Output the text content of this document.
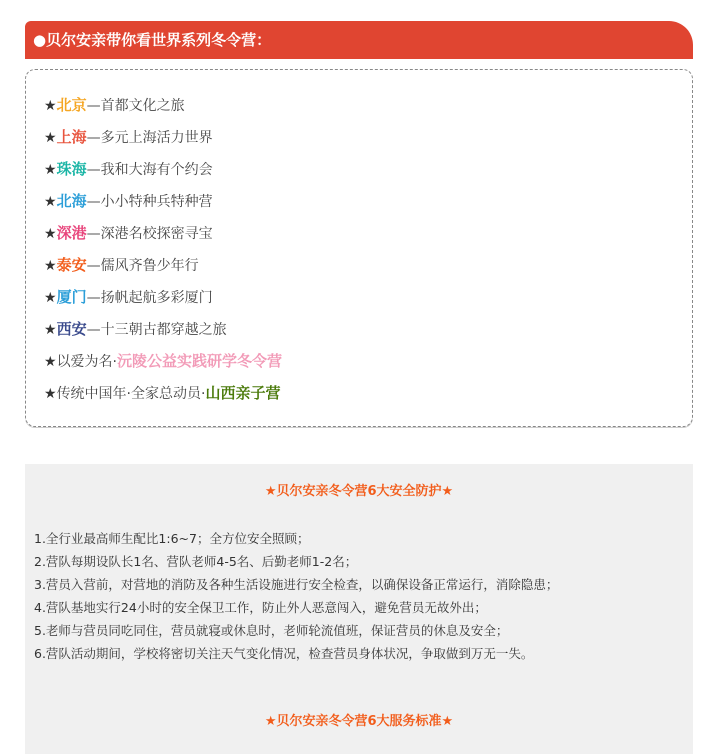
●贝尔安亲带你看世界系列冬令营：
★北京—首都文化之旅
★上海—多元上海活力世界
★珠海—我和大海有个约会
★北海—小小特种兵特种营
★深港—深港名校探密寻宝
★泰安—儒风齐鲁少年行
★厦门—扬帆起航多彩厦门
★西安—十三朝古都穿越之旅
★以爱为名·沅陵公益实践研学冬令营
★传统中国年·全家总动员·山西亲子营
★贝尔安亲冬令营6大安全防护★
1.全行业最高师生配比1:6~7；全方位安全照顾；
2.营队每期设队长1名、营队老师4-5名、后勤老师1-2名；
3.营员入营前，对营地的消防及各种生活设施进行安全检查，以确保设备正常运行，消除隐患；
4.营队基地实行24小时的安全保卫工作，防止外人恶意闯入，避免营员无故外出；
5.老师与营员同吃同住，营员就寝或休息时，老师轮流值班，保证营员的休息及安全；
6.营队活动期间，学校将密切关注天气变化情况，检查营员身体状况，争取做到万无一失。
★贝尔安亲冬令营6大服务标准★
